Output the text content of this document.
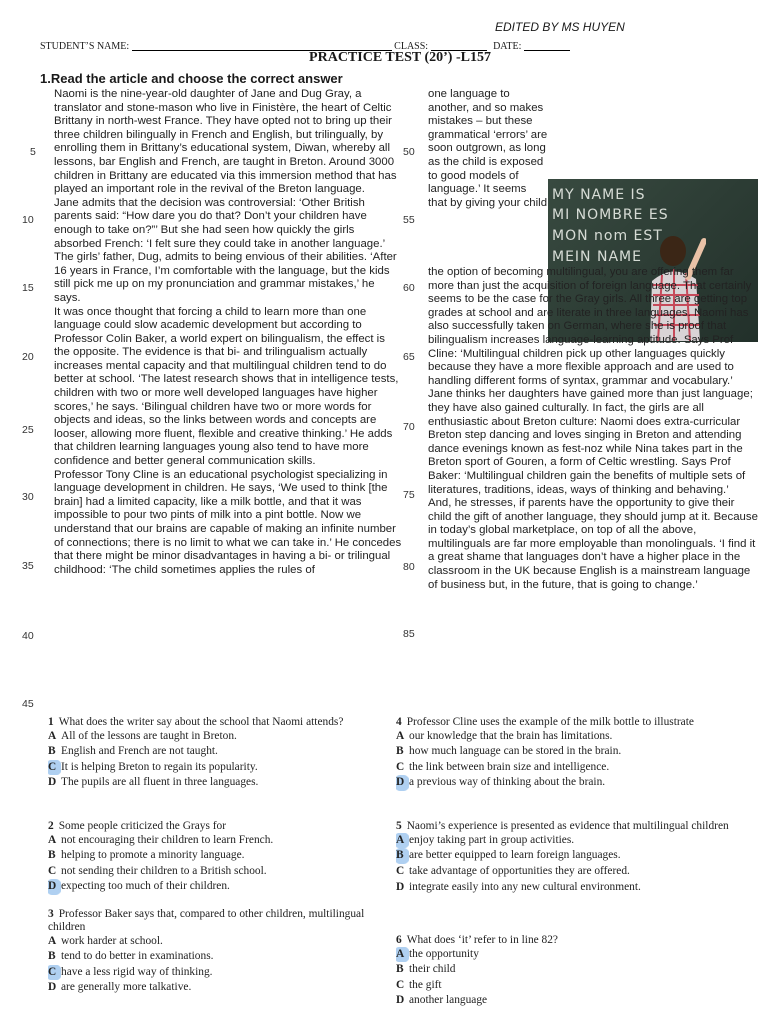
EDITED BY MS HUYEN
STUDENT’S NAME:	CLASS:	DATE:
PRACTICE TEST (20’) -L157
1.Read the article and choose the correct answer
5
10
15
20
25
30
35
40
45
50
55
60
65
70
75
80
85

Naomi is the nine-year-old daughter of Jane and Dug Gray, a translator and stone-mason who live in Finistère, the heart of Celtic Brittany in north-west France. They have opted not to bring up their three children bilingually in French and English, but trilingually, by enrolling them in Brittany’s educational system, Diwan, whereby all lessons, bar English and French, are taught in Breton. Around 3000 children in Brittany are educated via this immersion method that has played an important role in the revival of the Breton language.

Jane admits that the decision was controversial: ‘Other British parents said: “How dare you do that? Don’t your children have enough to take on?”’ But she had seen how quickly the girls absorbed French: ‘I felt sure they could take in another language.’ The girls’ father, Dug, admits to being envious of their abilities. ‘After 16 years in France, I’m comfortable with the language, but the kids still pick me up on my pronunciation and grammar mistakes,’ he says.

It was once thought that forcing a child to learn more than one language could slow academic development but according to Professor Colin Baker, a world expert on bilingualism, the effect is the opposite. The evidence is that bi- and trilingualism actually increases mental capacity and that multilingual children tend to do better at school. ‘The latest research shows that in intelligence tests, children with two or more well developed languages have higher scores,’ he says. ‘Bilingual children have two or more words for objects and ideas, so the links between words and concepts are looser, allowing more fluent, flexible and creative thinking.’ He adds that children learning languages young also tend to have more confidence and better general communication skills.

Professor Tony Cline is an educational psychologist specializing in language development in children. He says, ‘We used to think [the brain] had a limited capacity, like a milk bottle, and that it was impossible to pour two pints of milk into a pint bottle. Now we understand that our brains are capable of making an infinite number of connections; there is no limit to what we can take in.’ He concedes that there might be minor disadvantages in having a bi- or trilingual childhood: ‘The child sometimes applies the rules of

one language to another, and so makes mistakes – but these grammatical ‘errors’ are soon outgrown, as long as the child is exposed to good models of language.’ It seems that by giving your child MY NAME IS
MI NOMBRE ES
MON nom EST
MEIN NAME

the option of becoming multilingual, you are offering them far more than just the acquisition of foreign language. That certainly seems to be the case for the Gray girls. All three are getting top grades at school and are literate in three languages. Naomi has also successfully taken on German, where she is proof that bilingualism increases language-learning aptitude. Says Prof Cline: ‘Multilingual children pick up other languages quickly because they have a more flexible approach and are used to handling different forms of syntax, grammar and vocabulary.’

Jane thinks her daughters have gained more than just language; they have also gained culturally. In fact, the girls are all enthusiastic about Breton culture: Naomi does extra-curricular Breton step dancing and loves singing in Breton and attending dance evenings known as fest-noz while Nina takes part in the Breton sport of Gouren, a form of Celtic wrestling. Says Prof Baker: ‘Multilingual children gain the benefits of multiple sets of literatures, traditions, ideas, ways of thinking and behaving.’

And, he stresses, if parents have the opportunity to give their child the gift of another language, they should jump at it. Because in today’s global marketplace, on top of all the above, multilinguals are far more employable than monolinguals. ‘I find it a great shame that languages don’t have a higher place in the classroom in the UK because English is a mainstream language of business but, in the future, that is going to change.’

1 What does the writer say about the school that Naomi attends?
A All of the lessons are taught in Breton.
B English and French are not taught.
C It is helping Breton to regain its popularity.
D The pupils are all fluent in three languages.
2 Some people criticized the Grays for
A not encouraging their children to learn French.
B helping to promote a minority language.
C not sending their children to a British school.
D expecting too much of their children.
3 Professor Baker says that, compared to other children, multilingual children
A work harder at school.
B tend to do better in examinations.
C have a less rigid way of thinking.
D are generally more talkative.
4 Professor Cline uses the example of the milk bottle to illustrate
A our knowledge that the brain has limitations.
B how much language can be stored in the brain.
C the link between brain size and intelligence.
D a previous way of thinking about the brain.
5 Naomi’s experience is presented as evidence that multilingual children
A enjoy taking part in group activities.
B are better equipped to learn foreign languages.
C take advantage of opportunities they are offered.
D integrate easily into any new cultural environment.
6 What does ‘it’ refer to in line 82?
A the opportunity
B their child
C the gift
D another language
